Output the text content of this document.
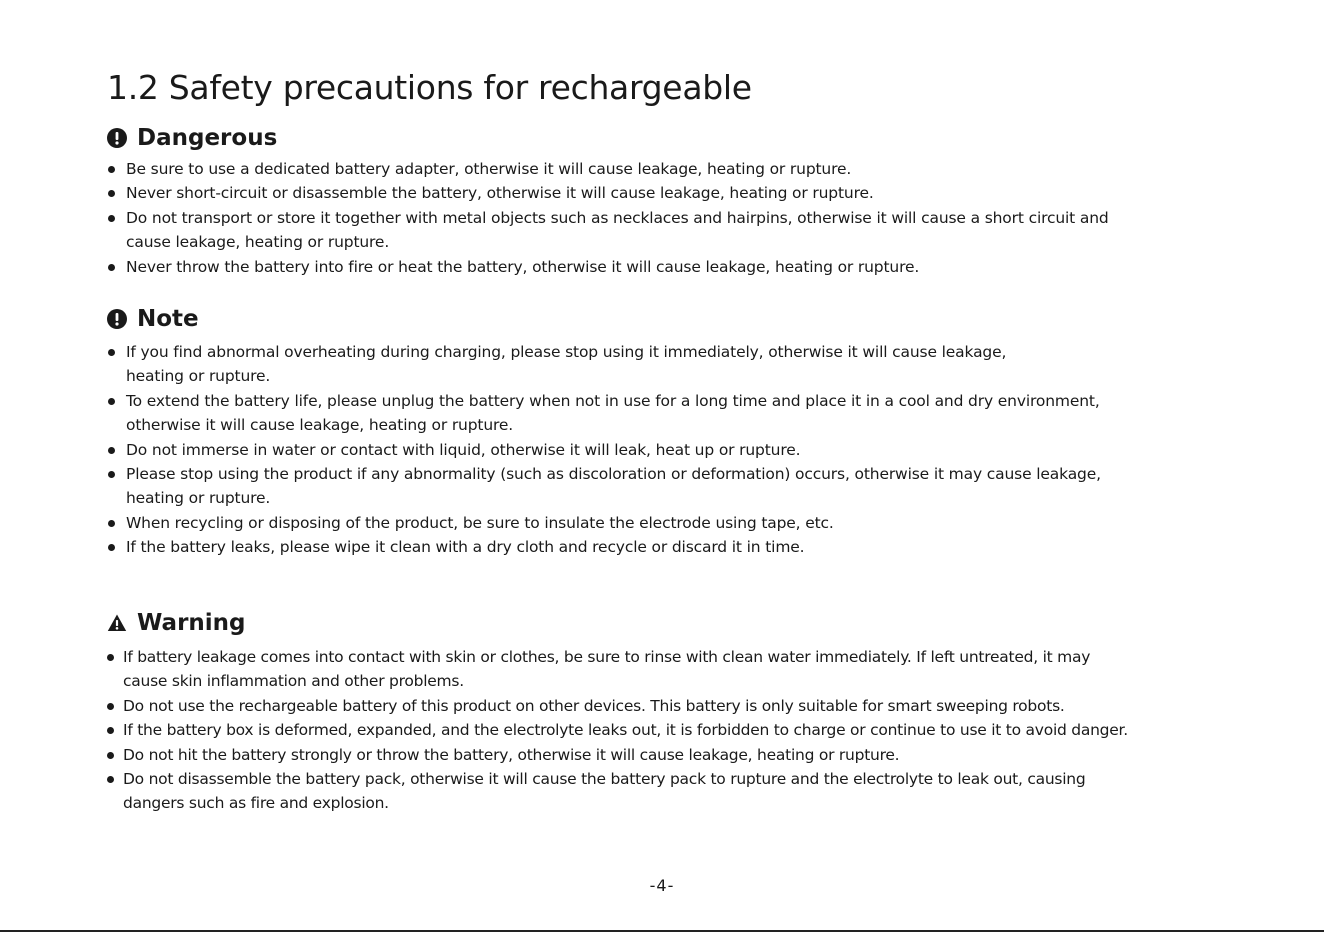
1.2 Safety precautions for rechargeable
Dangerous
Be sure to use a dedicated battery adapter, otherwise it will cause leakage, heating or rupture.
Never short-circuit or disassemble the battery, otherwise it will cause leakage, heating or rupture.
Do not transport or store it together with metal objects such as necklaces and hairpins, otherwise it will cause a short circuit and
cause leakage, heating or rupture.
Never throw the battery into fire or heat the battery, otherwise it will cause leakage, heating or rupture.
Note
If you find abnormal overheating during charging, please stop using it immediately, otherwise it will cause leakage,
heating or rupture.
To extend the battery life, please unplug the battery when not in use for a long time and place it in a cool and dry environment,
otherwise it will cause leakage, heating or rupture.
Do not immerse in water or contact with liquid, otherwise it will leak, heat up or rupture.
Please stop using the product if any abnormality (such as discoloration or deformation) occurs, otherwise it may cause leakage,
heating or rupture.
When recycling or disposing of the product, be sure to insulate the electrode using tape, etc.
If the battery leaks, please wipe it clean with a dry cloth and recycle or discard it in time.
Warning
If battery leakage comes into contact with skin or clothes, be sure to rinse with clean water immediately. If left untreated, it may
cause skin inflammation and other problems.
Do not use the rechargeable battery of this product on other devices. This battery is only suitable for smart sweeping robots.
If the battery box is deformed, expanded, and the electrolyte leaks out, it is forbidden to charge or continue to use it to avoid danger.
Do not hit the battery strongly or throw the battery, otherwise it will cause leakage, heating or rupture.
Do not disassemble the battery pack, otherwise it will cause the battery pack to rupture and the electrolyte to leak out, causing
dangers such as fire and explosion.
-4-
